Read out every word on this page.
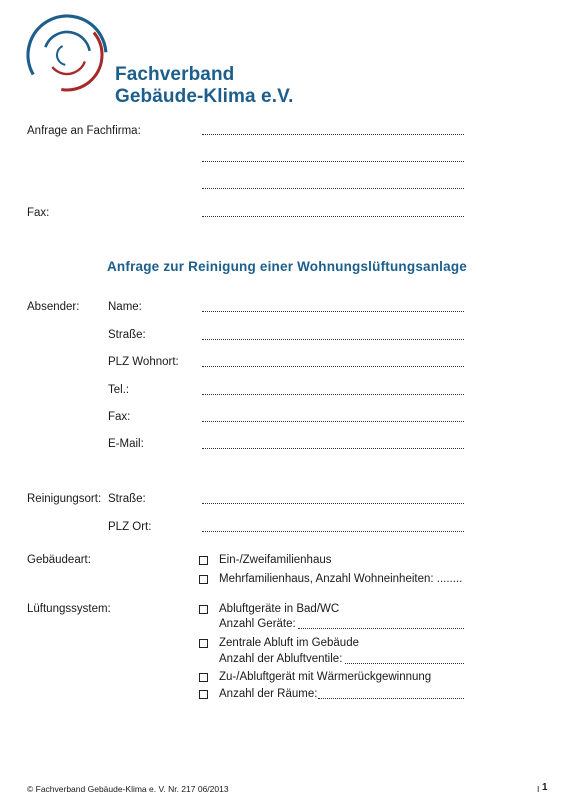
Fachverband
Gebäude-Klima e.V.
Anfrage an Fachfirma:
Fax:
Anfrage zur Reinigung einer Wohnungslüftungsanlage
Absender: Name:
Straße:
PLZ Wohnort:
Tel.:
Fax:
E-Mail:
Reinigungsort: Straße:
PLZ Ort:
Gebäudeart:	Ein-/Zweifamilienhaus
Mehrfamilienhaus, Anzahl Wohneinheiten: ........
Lüftungssystem:	Abluftgeräte in Bad/WC
Anzahl Geräte:
Zentrale Abluft im Gebäude
Anzahl der Abluftventile:
Zu-/Abluftgerät mit Wärmerückgewinnung
Anzahl der Räume:
© Fachverband Gebäude-Klima e. V. Nr. 217 06/2013	I 1
